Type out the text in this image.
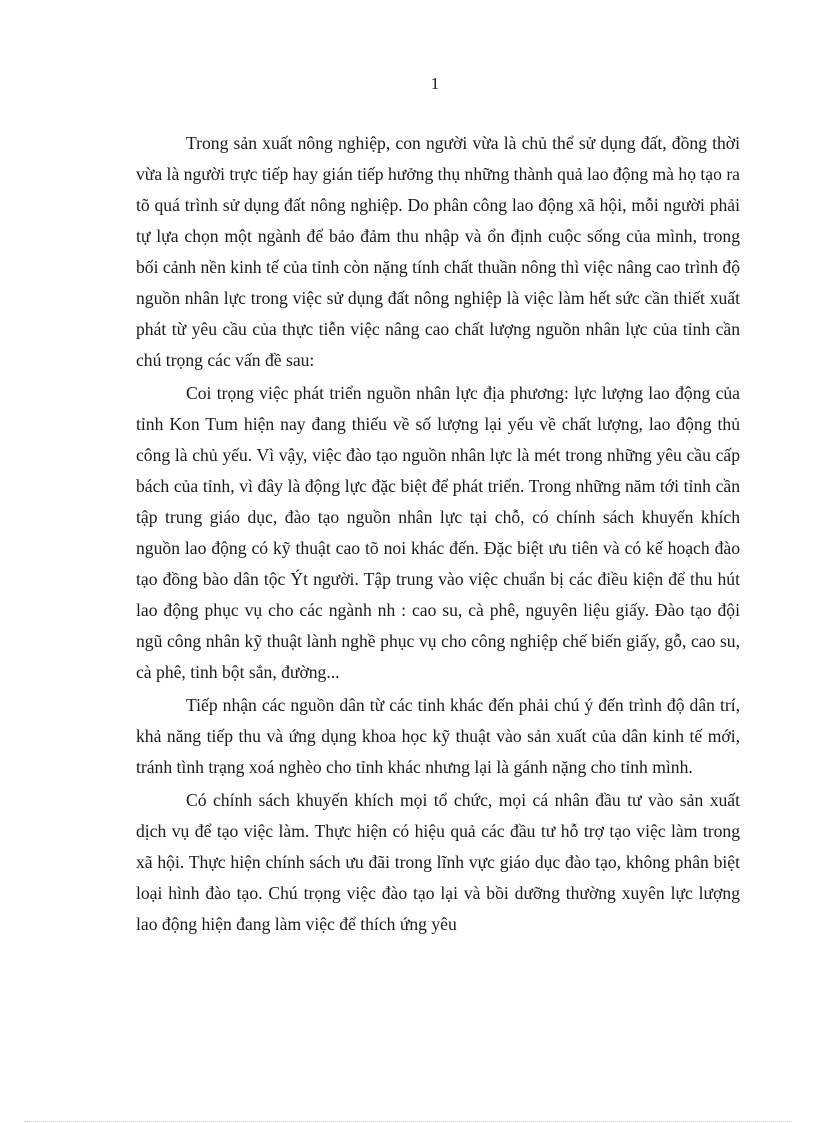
1

Trong sản xuất nông nghiệp, con người vừa là chủ thể sử dụng đất, đồng thời vừa là người trực tiếp hay gián tiếp hưởng thụ những thành quả lao động mà họ tạo ra tõ quá trình sử dụng đất nông nghiệp. Do phân công lao động xã hội, mỗi người phải tự lựa chọn một ngành để bảo đảm thu nhập và ổn định cuộc sống của mình, trong bối cảnh nền kinh tế của tỉnh còn nặng tính chất thuần nông thì việc nâng cao trình độ nguồn nhân lực trong việc sử dụng đất nông nghiệp là việc làm hết sức cần thiết xuất phát từ yêu cầu của thực tiễn việc nâng cao chất lượng nguồn nhân lực của tỉnh cần chú trọng các vấn đề sau:

Coi trọng việc phát triển nguồn nhân lực địa phương: lực lượng lao động của tỉnh Kon Tum hiện nay đang thiếu về số lượng lại yếu về chất lượng, lao động thủ công là chủ yếu. Vì vậy, việc đào tạo nguồn nhân lực là mét trong những yêu cầu cấp bách của tỉnh, vì đây là động lực đặc biệt để phát triển. Trong những năm tới tỉnh cần tập trung giáo dục, đào tạo nguồn nhân lực tại chỗ, có chính sách khuyến khích nguồn lao động có kỹ thuật cao tõ noi khác đến. Đặc biệt ưu tiên và có kế hoạch đào tạo đồng bào dân tộc Ýt người. Tập trung vào việc chuẩn bị các điều kiện để thu hút lao động phục vụ cho các ngành nh : cao su, cà phê, nguyên liệu giấy. Đào tạo đội ngũ công nhân kỹ thuật lành nghề phục vụ cho công nghiệp chế biến giấy, gỗ, cao su, cà phê, tinh bột sắn, đường...

Tiếp nhận các nguồn dân từ các tỉnh khác đến phải chú ý đến trình độ dân trí, khả năng tiếp thu và ứng dụng khoa học kỹ thuật vào sản xuất của dân kinh tế mới, tránh tình trạng xoá nghèo cho tỉnh khác nhưng lại là gánh nặng cho tỉnh mình.

Có chính sách khuyến khích mọi tổ chức, mọi cá nhân đầu tư vào sản xuất dịch vụ để tạo việc làm. Thực hiện có hiệu quả các đầu tư hỗ trợ tạo việc làm trong xã hội. Thực hiện chính sách ưu đãi trong lĩnh vực giáo dục đào tạo, không phân biệt loại hình đào tạo. Chú trọng việc đào tạo lại và bồi dưỡng thường xuyên lực lượng lao động hiện đang làm việc để thích ứng yêu
